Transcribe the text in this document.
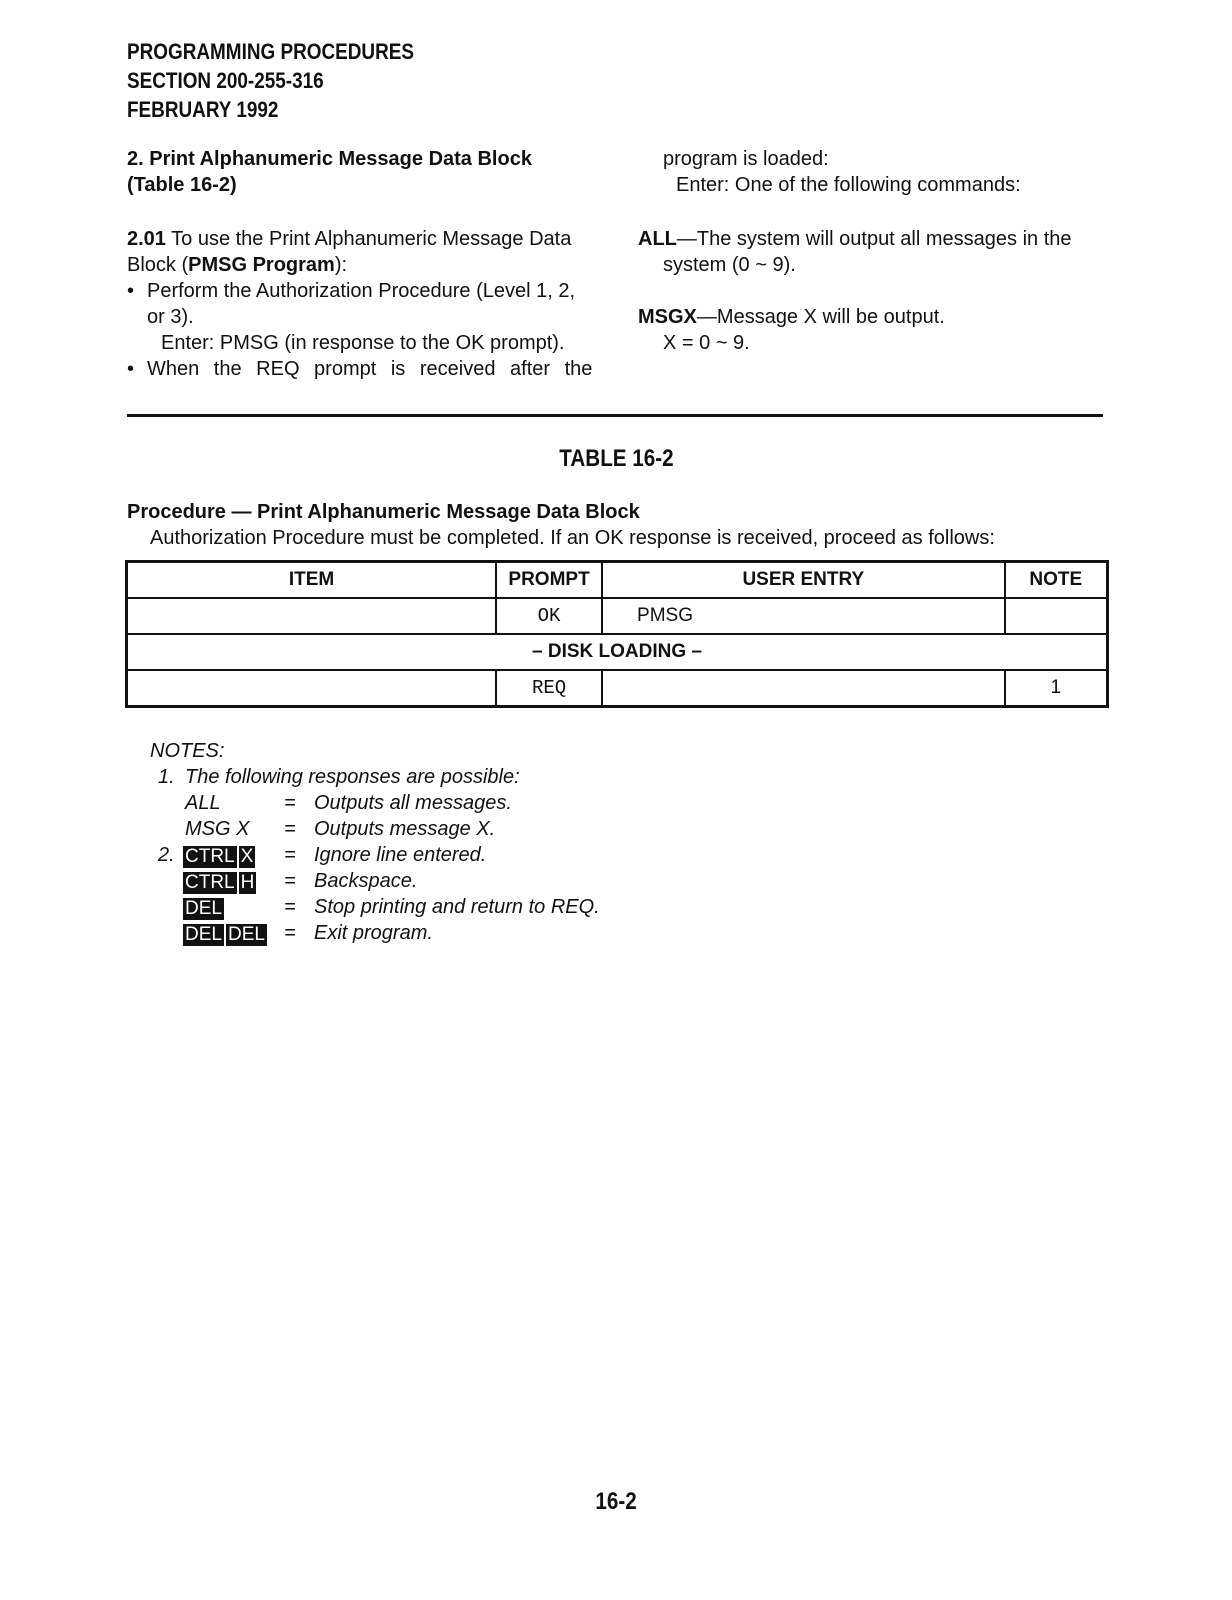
PROGRAMMING PROCEDURES
SECTION 200-255-316
FEBRUARY 1992
2. Print Alphanumeric Message Data Block
(Table 16-2)
2.01 To use the Print Alphanumeric Message Data
Block (PMSG Program):
• Perform the Authorization Procedure (Level 1, 2,
or 3).
Enter: PMSG (in response to the OK prompt).
• When the REQ prompt is received after the
program is loaded:
Enter: One of the following commands:
ALL—The system will output all messages in the
system (0 ~ 9).
MSGX—Message X will be output.
X = 0 ~ 9.
TABLE 16-2
Procedure — Print Alphanumeric Message Data Block
Authorization Procedure must be completed. If an OK response is received, proceed as follows:
ITEM	PROMPT	USER ENTRY	NOTE
	OK	PMSG	
– DISK LOADING –			
	REQ		1
NOTES:
1. The following responses are possible:
ALL	= Outputs all messages.
MSG X = Outputs message X.
2. CTRL X = Ignore line entered.
CTRL H = Backspace.
DEL	= Stop printing and return to REQ.
DEL DEL = Exit program.
16-2
